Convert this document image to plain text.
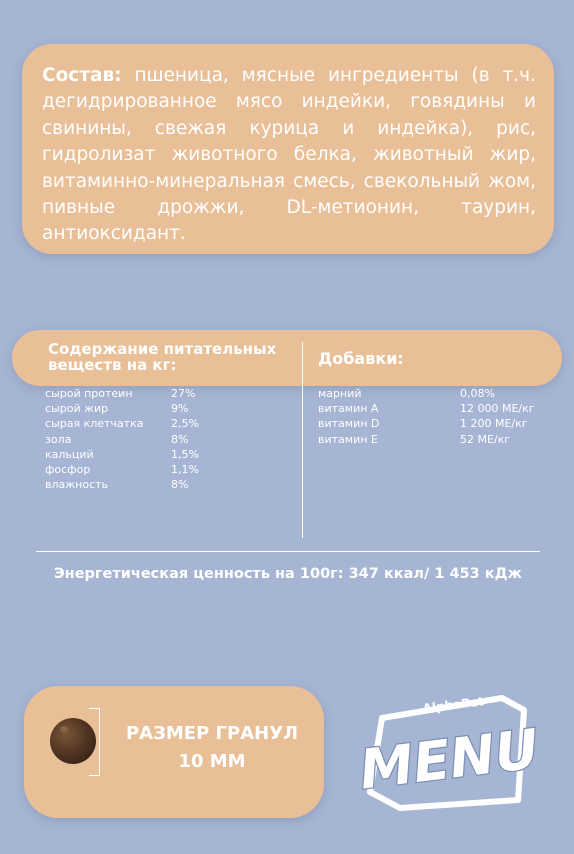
Состав: пшеница, мясные ингредиенты (в т.ч. дегидрированное мясо индейки, говядины и свинины, свежая курица и индейка), рис, гидролизат животного белка, животный жир, витаминно-минеральная смесь, свекольный жом, пивные дрожжи, DL-метионин, таурин, антиоксидант.
Содержание питательных веществ на кг:	Добавки:
сырой протеин	27%
сырой жир	9%
сырая клетчатка	2,5%
зола	8%
кальций	1,5%
фосфор	1,1%
влажность	8%
марний	0,08%
витамин А	12 000 МЕ/кг
витамин D	1 200 МЕ/кг
витамин Е	52 МЕ/кг
Энергетическая ценность на 100г: 347 ккал/ 1 453 кДж
РАЗМЕР ГРАНУЛ
10 ММ
AlphaPet
MENU
